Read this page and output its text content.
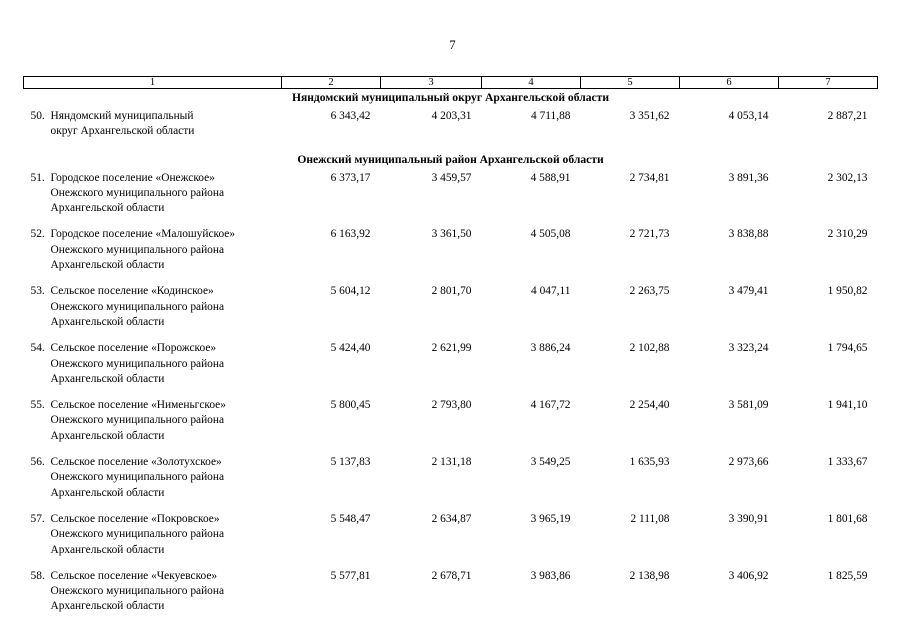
7
1	2	3	4	5	6	7
Няндомский муниципальный округ Архангельской области						

50. Няндомский муниципальный
округ Архангельской области	6 343,42	4 203,31	4 711,88	3 351,62	4 053,14	2 887,21
Онежский муниципальный район Архангельской области						

51. Городское поселение «Онежское»
Онежского муниципального района
Архангельской области	6 373,17	3 459,57	4 588,91	2 734,81	3 891,36	2 302,13

52. Городское поселение «Малошуйское»
Онежского муниципального района
Архангельской области	6 163,92	3 361,50	4 505,08	2 721,73	3 838,88	2 310,29

53. Сельское поселение «Кодинское»
Онежского муниципального района
Архангельской области	5 604,12	2 801,70	4 047,11	2 263,75	3 479,41	1 950,82

54. Сельское поселение «Порожское»
Онежского муниципального района
Архангельской области	5 424,40	2 621,99	3 886,24	2 102,88	3 323,24	1 794,65

55. Сельское поселение «Нименьгское»
Онежского муниципального района
Архангельской области	5 800,45	2 793,80	4 167,72	2 254,40	3 581,09	1 941,10

56. Сельское поселение «Золотухское»
Онежского муниципального района
Архангельской области	5 137,83	2 131,18	3 549,25	1 635,93	2 973,66	1 333,67

57. Сельское поселение «Покровское»
Онежского муниципального района
Архангельской области	5 548,47	2 634,87	3 965,19	2 111,08	3 390,91	1 801,68

58. Сельское поселение «Чекуевское»
Онежского муниципального района
Архангельской области	5 577,81	2 678,71	3 983,86	2 138,98	3 406,92	1 825,59
